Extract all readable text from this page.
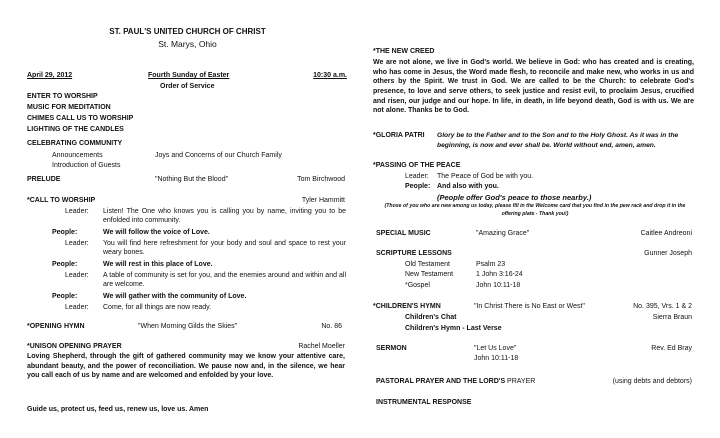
ST. PAUL'S UNITED CHURCH OF CHRIST
St. Marys, Ohio
April 29, 2012	Fourth Sunday of Easter	10:30 a.m.
Order of Service
ENTER TO WORSHIP
MUSIC FOR MEDITATION
CHIMES CALL US TO WORSHIP
LIGHTING OF THE CANDLES
CELEBRATING COMMUNITY
Announcements	Joys and Concerns of our Church Family
Introduction of Guests
PRELUDE	"Nothing But the Blood"	Tom Birchwood
*CALL TO WORSHIP	Tyler Hammitt
Leader: Listen! The One who knows you is calling you by name, inviting you to be enfolded into community.
People:	We will follow the voice of Love.
Leader: You will find here refreshment for your body and soul and space to rest your weary bones.
People:	We will rest in this place of Love.
Leader: A table of community is set for you, and the enemies around and within and all are welcome.
People:	We will gather with the community of Love.
Leader: Come, for all things are now ready.
*OPENING HYMN	"When Morning Gilds the Skies"	No. 86
*UNISON OPENING PRAYER	Rachel Moeller
Loving Shepherd, through the gift of gathered community may we know your attentive care, abundant beauty, and the power of reconciliation. We pause now and, in the silence, we hear you call each of us by name and are welcomed and enfolded by your love.
Guide us, protect us, feed us, renew us, love us. Amen
*THE NEW CREED
We are not alone, we live in God's world. We believe in God: who has created and is creating, who has come in Jesus, the Word made flesh, to reconcile and make new, who works in us and others by the Spirit. We trust in God. We are called to be the Church: to celebrate God's presence, to love and serve others, to seek justice and resist evil, to proclaim Jesus, crucified and risen, our judge and our hope. In life, in death, in life beyond death, God is with us. We are not alone. Thanks be to God.
*GLORIA PATRI Glory be to the Father and to the Son and to the Holy Ghost. As it was in the beginning, is now and ever shall be. World without end, amen, amen.
*PASSING OF THE PEACE
Leader: The Peace of God be with you.
People: And also with you.
(People offer God's peace to those nearby.)
(Those of you who are new among us today, please fill in the Welcome card that you find in the pew rack and drop it in the offering plate - Thank you!)
SPECIAL MUSIC	"Amazing Grace"	Caitlee Andreoni
SCRIPTURE LESSONS	Gunner Joseph
Old Testament	Psalm 23
New Testament	1 John 3:16-24
*Gospel	John 10:11-18
*CHILDREN'S HYMN	"In Christ There is No East or West"	No. 395, Vrs. 1 & 2
Children's Chat	Sierra Braun
Children's Hymn - Last Verse
SERMON	"Let Us Love"	Rev. Ed Bray
John 10:11-18
PASTORAL PRAYER AND THE LORD'S PRAYER	(using debts and debtors)
INSTRUMENTAL RESPONSE
